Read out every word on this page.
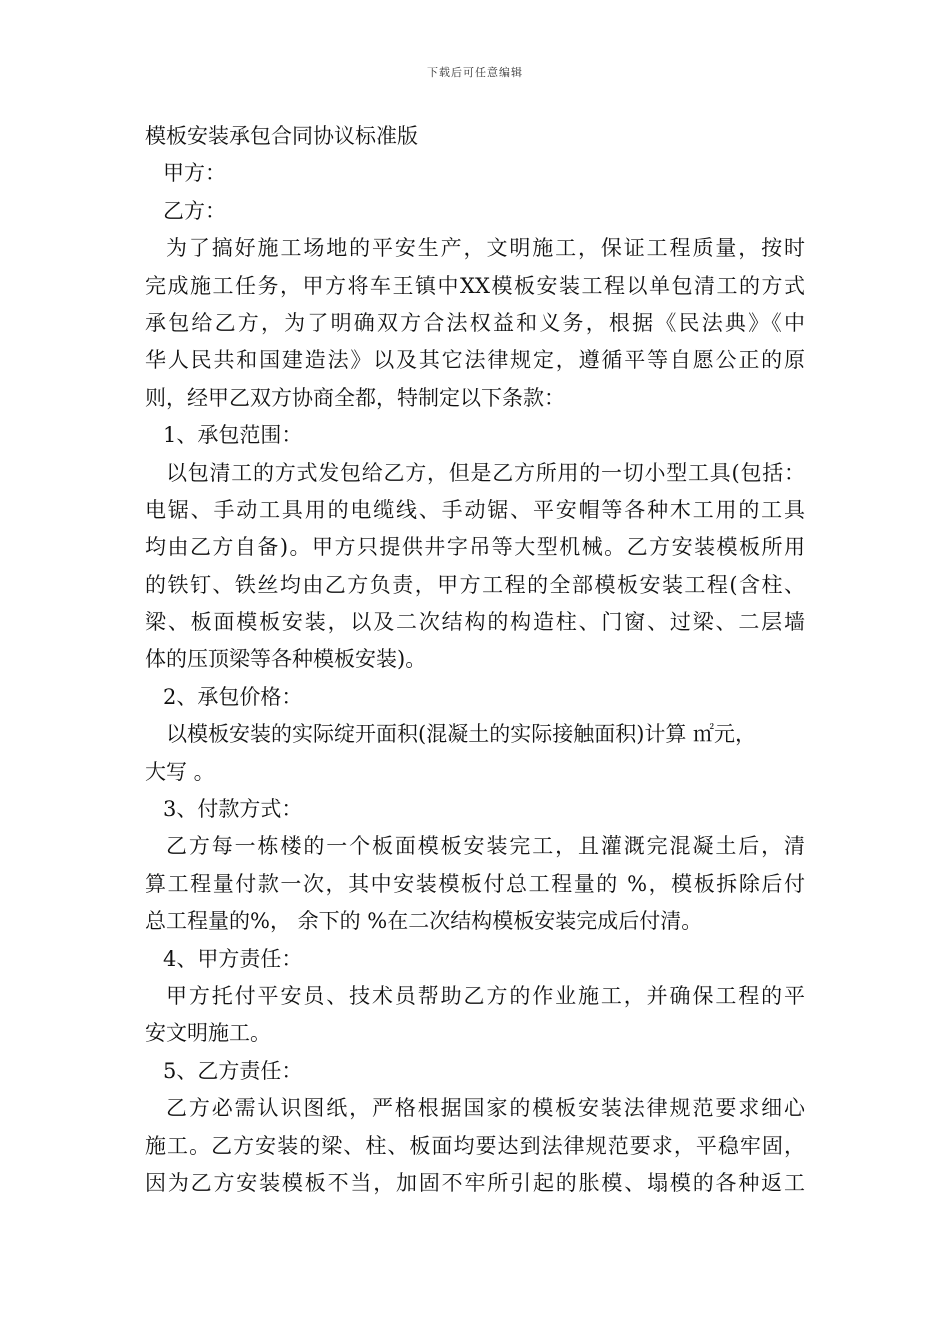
下载后可任意编辑

模板安装承包合同协议标准版

甲方：

乙方：

为了搞好施工场地的平安生产，文明施工，保证工程质量，按时

完成施工任务，甲方将车王镇中XX模板安装工程以单包清工的方式

承包给乙方，为了明确双方合法权益和义务，根据《民法典》《中

华人民共和国建造法》以及其它法律规定，遵循平等自愿公正的原

则，经甲乙双方协商全都，特制定以下条款：

1、承包范围：

以包清工的方式发包给乙方，但是乙方所用的一切小型工具(包括：

电锯、手动工具用的电缆线、手动锯、平安帽等各种木工用的工具

均由乙方自备)。甲方只提供井字吊等大型机械。乙方安装模板所用

的铁钉、铁丝均由乙方负责，甲方工程的全部模板安装工程(含柱、

梁、板面模板安装，以及二次结构的构造柱、门窗、过梁、二层墙

体的压顶梁等各种模板安装)。

2、承包价格：

以模板安装的实际绽开面积(混凝土的实际接触面积)计算 ㎡元，

大写 。

3、付款方式：

乙方每一栋楼的一个板面模板安装完工，且灌溉完混凝土后，清

算工程量付款一次，其中安装模板付总工程量的 %，模板拆除后付

总工程量的%， 余下的 %在二次结构模板安装完成后付清。

4、甲方责任：

甲方托付平安员、技术员帮助乙方的作业施工，并确保工程的平

安文明施工。

5、乙方责任：

乙方必需认识图纸，严格根据国家的模板安装法律规范要求细心

施工。乙方安装的梁、柱、板面均要达到法律规范要求，平稳牢固，

因为乙方安装模板不当，加固不牢所引起的胀模、塌模的各种返工
